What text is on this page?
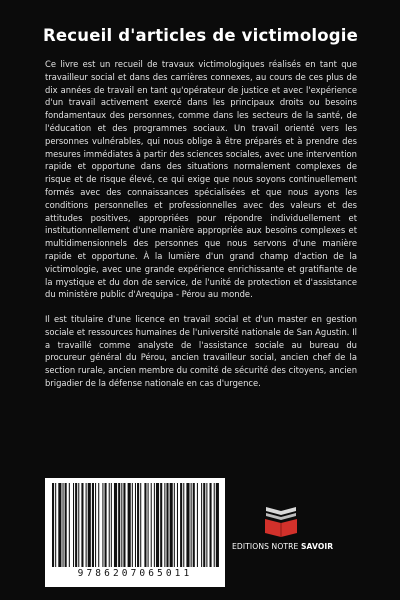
Recueil d'articles de victimologie

Ce livre est un recueil de travaux victimologiques réalisés en tant que travailleur social et dans des carrières connexes, au cours de ces plus de dix années de travail en tant qu'opérateur de justice et avec l'expérience d'un travail activement exercé dans les principaux droits ou besoins fondamentaux des personnes, comme dans les secteurs de la santé, de l'éducation et des programmes sociaux. Un travail orienté vers les personnes vulnérables, qui nous oblige à être préparés et à prendre des mesures immédiates à partir des sciences sociales, avec une intervention rapide et opportune dans des situations normalement complexes de risque et de risque élevé, ce qui exige que nous soyons continuellement formés avec des connaissances spécialisées et que nous ayons les conditions personnelles et professionnelles avec des valeurs et des attitudes positives, appropriées pour répondre individuellement et institutionnellement d'une manière appropriée aux besoins complexes et multidimensionnels des personnes que nous servons d'une manière rapide et opportune. À la lumière d'un grand champ d'action de la victimologie, avec une grande expérience enrichissante et gratifiante de la mystique et du don de service, de l'unité de protection et d'assistance du ministère public d'Arequipa - Pérou au monde.

Il est titulaire d'une licence en travail social et d'un master en gestion sociale et ressources humaines de l'université nationale de San Agustin. Il a travaillé comme analyste de l'assistance sociale au bureau du procureur général du Pérou, ancien travailleur social, ancien chef de la section rurale, ancien membre du comité de sécurité des citoyens, ancien brigadier de la défense nationale en cas d'urgence.

9786207065011
EDITIONS NOTRE SAVOIR
